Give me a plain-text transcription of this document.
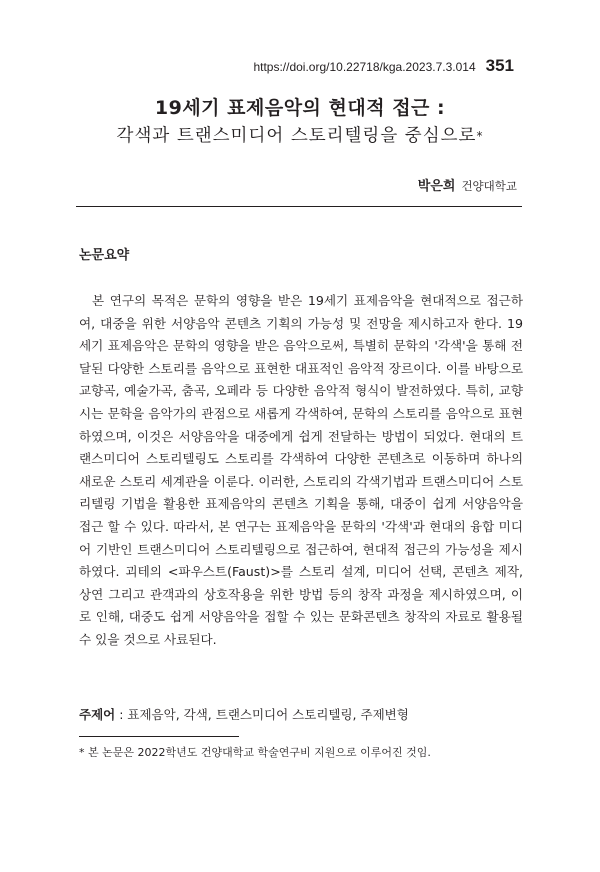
https://doi.org/10.22718/kga.2023.7.3.014 351
19세기 표제음악의 현대적 접근 :
각색과 트랜스미디어 스토리텔링을 중심으로*
박은희 건양대학교
논문요약

본 연구의 목적은 문학의 영향을 받은 19세기 표제음악을 현대적으로 접근하여, 대중을 위한 서양음악 콘텐츠 기획의 가능성 및 전망을 제시하고자 한다. 19세기 표제음악은 문학의 영향을 받은 음악으로써, 특별히 문학의 '각색'을 통해 전달된 다양한 스토리를 음악으로 표현한 대표적인 음악적 장르이다. 이를 바탕으로 교향곡, 예술가곡, 춤곡, 오페라 등 다양한 음악적 형식이 발전하였다. 특히, 교향시는 문학을 음악가의 관점으로 새롭게 각색하여, 문학의 스토리를 음악으로 표현하였으며, 이것은 서양음악을 대중에게 쉽게 전달하는 방법이 되었다. 현대의 트랜스미디어 스토리텔링도 스토리를 각색하여 다양한 콘텐츠로 이동하며 하나의 새로운 스토리 세계관을 이룬다. 이러한, 스토리의 각색기법과 트랜스미디어 스토리텔링 기법을 활용한 표제음악의 콘텐츠 기획을 통해, 대중이 쉽게 서양음악을 접근 할 수 있다. 따라서, 본 연구는 표제음악을 문학의 '각색'과 현대의 융합 미디어 기반인 트랜스미디어 스토리텔링으로 접근하여, 현대적 접근의 가능성을 제시하였다. 괴테의 <파우스트(Faust)>를 스토리 설계, 미디어 선택, 콘텐츠 제작, 상연 그리고 관객과의 상호작용을 위한 방법 등의 창작 과정을 제시하였으며, 이로 인해, 대중도 쉽게 서양음악을 접할 수 있는 문화콘텐츠 창작의 자료로 활용될 수 있을 것으로 사료된다.

주제어 : 표제음악, 각색, 트랜스미디어 스토리텔링, 주제변형
* 본 논문은 2022학년도 건양대학교 학술연구비 지원으로 이루어진 것임.
